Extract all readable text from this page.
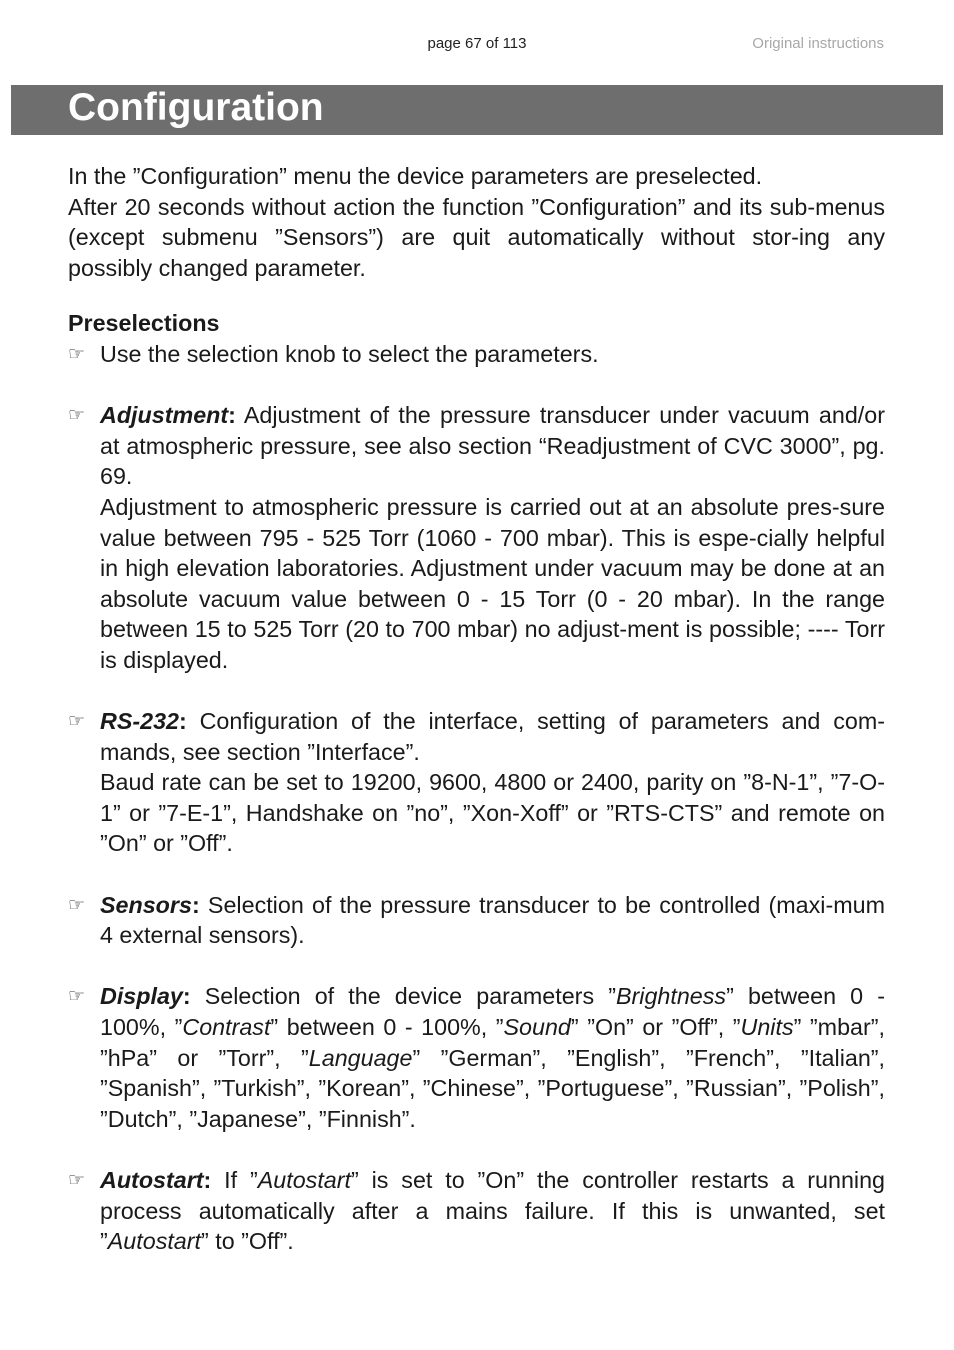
page 67 of 113	Original instructions
Configuration

In the ”Configuration” menu the device parameters are preselected.

After 20 seconds without action the function ”Configuration” and its sub-menus (except submenu ”Sensors”) are quit automatically without stor-ing any possibly changed parameter.

Preselections

☞ Use the selection knob to select the parameters.
☞ Adjustment: Adjustment of the pressure transducer under vacuum and/or at atmospheric pressure, see also section “Readjustment of CVC 3000”, pg. 69.

Adjustment to atmospheric pressure is carried out at an absolute pres-sure value between 795 - 525 Torr (1060 - 700 mbar). This is espe-cially helpful in high elevation laboratories. Adjustment under vacuum may be done at an absolute vacuum value between 0 - 15 Torr (0 - 20 mbar). In the range between 15 to 525 Torr (20 to 700 mbar) no adjust-ment is possible; ---- Torr is displayed.

☞ RS-232: Configuration of the interface, setting of parameters and com-mands, see section ”Interface”.

Baud rate can be set to 19200, 9600, 4800 or 2400, parity on ”8-N-1”, ”7-O-1” or ”7-E-1”, Handshake on ”no”, ”Xon-Xoff” or ”RTS-CTS” and remote on ”On” or ”Off”.

☞ Sensors: Selection of the pressure transducer to be controlled (maxi-mum 4 external sensors).

☞ Display: Selection of the device parameters ”Brightness” between 0 - 100%, ”Contrast” between 0 - 100%, ”Sound” ”On” or ”Off”, ”Units” ”mbar”, ”hPa” or ”Torr”, ”Language” ”German”, ”English”, ”French”, ”Italian”, ”Spanish”, ”Turkish”, ”Korean”, ”Chinese”, ”Portuguese”, ”Russian”, ”Polish”, ”Dutch”, ”Japanese”, ”Finnish”.

☞ Autostart: If ”Autostart” is set to ”On” the controller restarts a running process automatically after a mains failure. If this is unwanted, set ”Autostart” to ”Off”.
